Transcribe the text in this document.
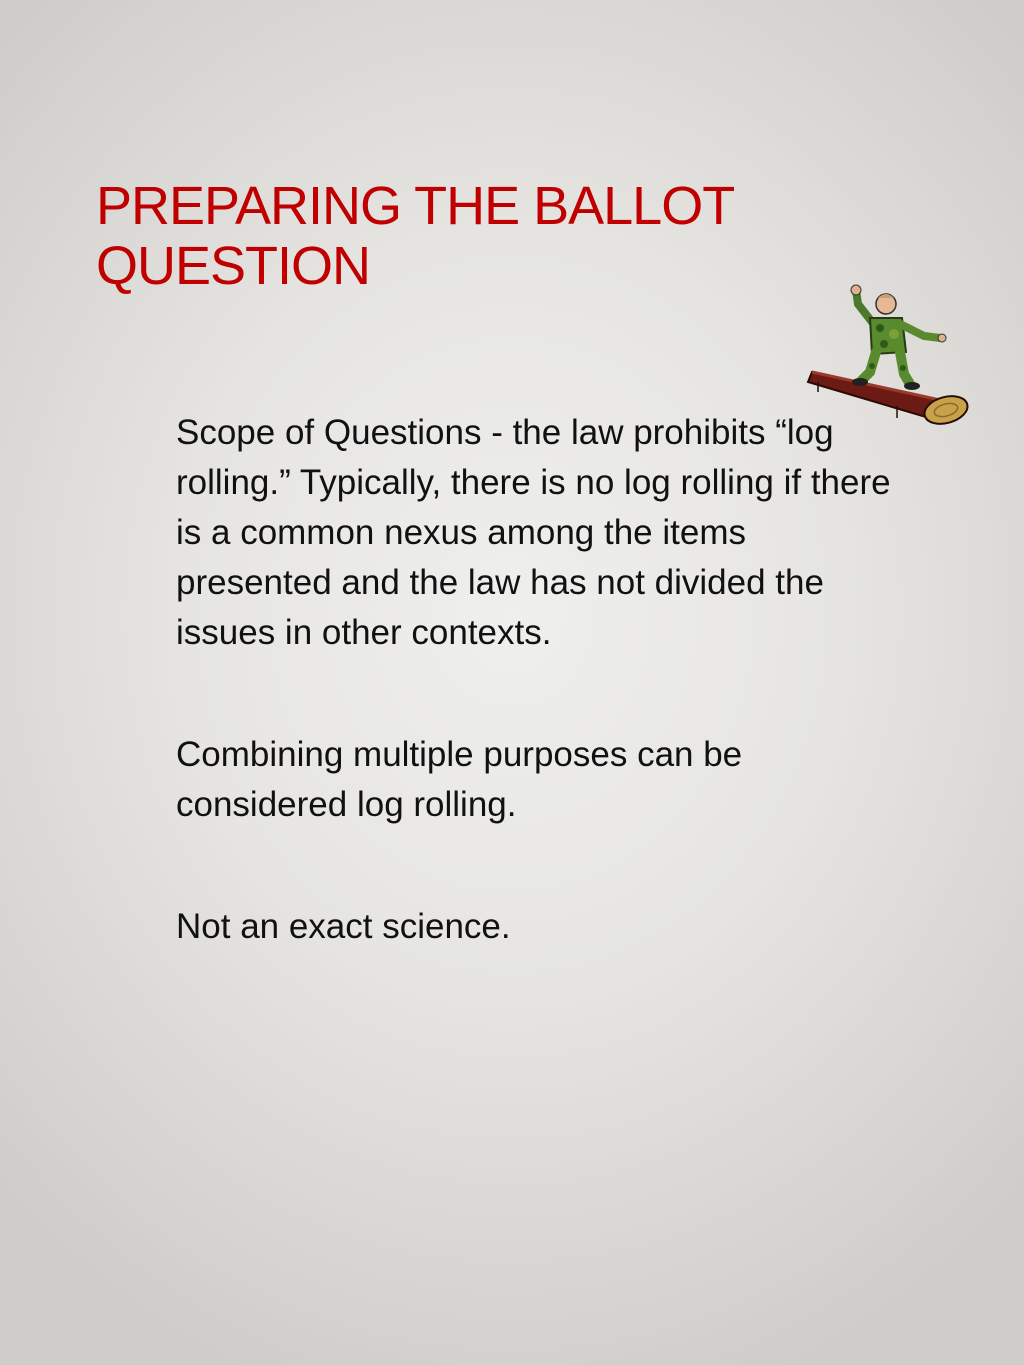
PREPARING THE BALLOT
QUESTION

Scope of Questions - the law prohibits “log rolling.” Typically, there is no log rolling if there is a common nexus among the items presented and the law has not divided the issues in other contexts.

Combining multiple purposes can be considered log rolling.

Not an exact science.
